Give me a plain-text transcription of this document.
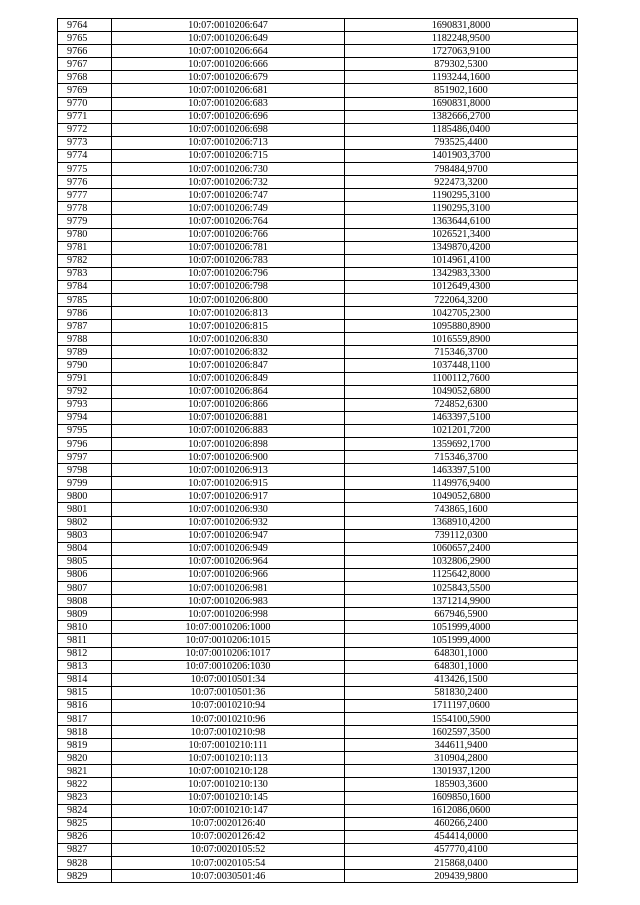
9764	10:07:0010206:647	1690831,8000
9765	10:07:0010206:649	1182248,9500
9766	10:07:0010206:664	1727063,9100
9767	10:07:0010206:666	879302,5300
9768	10:07:0010206:679	1193244,1600
9769	10:07:0010206:681	851902,1600
9770	10:07:0010206:683	1690831,8000
9771	10:07:0010206:696	1382666,2700
9772	10:07:0010206:698	1185486,0400
9773	10:07:0010206:713	793525,4400
9774	10:07:0010206:715	1401903,3700
9775	10:07:0010206:730	798484,9700
9776	10:07:0010206:732	922473,3200
9777	10:07:0010206:747	1190295,3100
9778	10:07:0010206:749	1190295,3100
9779	10:07:0010206:764	1363644,6100
9780	10:07:0010206:766	1026521,3400
9781	10:07:0010206:781	1349870,4200
9782	10:07:0010206:783	1014961,4100
9783	10:07:0010206:796	1342983,3300
9784	10:07:0010206:798	1012649,4300
9785	10:07:0010206:800	722064,3200
9786	10:07:0010206:813	1042705,2300
9787	10:07:0010206:815	1095880,8900
9788	10:07:0010206:830	1016559,8900
9789	10:07:0010206:832	715346,3700
9790	10:07:0010206:847	1037448,1100
9791	10:07:0010206:849	1100112,7600
9792	10:07:0010206:864	1049052,6800
9793	10:07:0010206:866	724852,6300
9794	10:07:0010206:881	1463397,5100
9795	10:07:0010206:883	1021201,7200
9796	10:07:0010206:898	1359692,1700
9797	10:07:0010206:900	715346,3700
9798	10:07:0010206:913	1463397,5100
9799	10:07:0010206:915	1149976,9400
9800	10:07:0010206:917	1049052,6800
9801	10:07:0010206:930	743865,1600
9802	10:07:0010206:932	1368910,4200
9803	10:07:0010206:947	739112,0300
9804	10:07:0010206:949	1060657,2400
9805	10:07:0010206:964	1032806,2900
9806	10:07:0010206:966	1125642,8000
9807	10:07:0010206:981	1025843,5500
9808	10:07:0010206:983	1371214,9900
9809	10:07:0010206:998	667946,5900
9810	10:07:0010206:1000	1051999,4000
9811	10:07:0010206:1015	1051999,4000
9812	10:07:0010206:1017	648301,1000
9813	10:07:0010206:1030	648301,1000
9814	10:07:0010501:34	413426,1500
9815	10:07:0010501:36	581830,2400
9816	10:07:0010210:94	1711197,0600
9817	10:07:0010210:96	1554100,5900
9818	10:07:0010210:98	1602597,3500
9819	10:07:0010210:111	344611,9400
9820	10:07:0010210:113	310904,2800
9821	10:07:0010210:128	1301937,1200
9822	10:07:0010210:130	185903,3600
9823	10:07:0010210:145	1609850,1600
9824	10:07:0010210:147	1612086,0600
9825	10:07:0020126:40	460266,2400
9826	10:07:0020126:42	454414,0000
9827	10:07:0020105:52	457770,4100
9828	10:07:0020105:54	215868,0400
9829	10:07:0030501:46	209439,9800
